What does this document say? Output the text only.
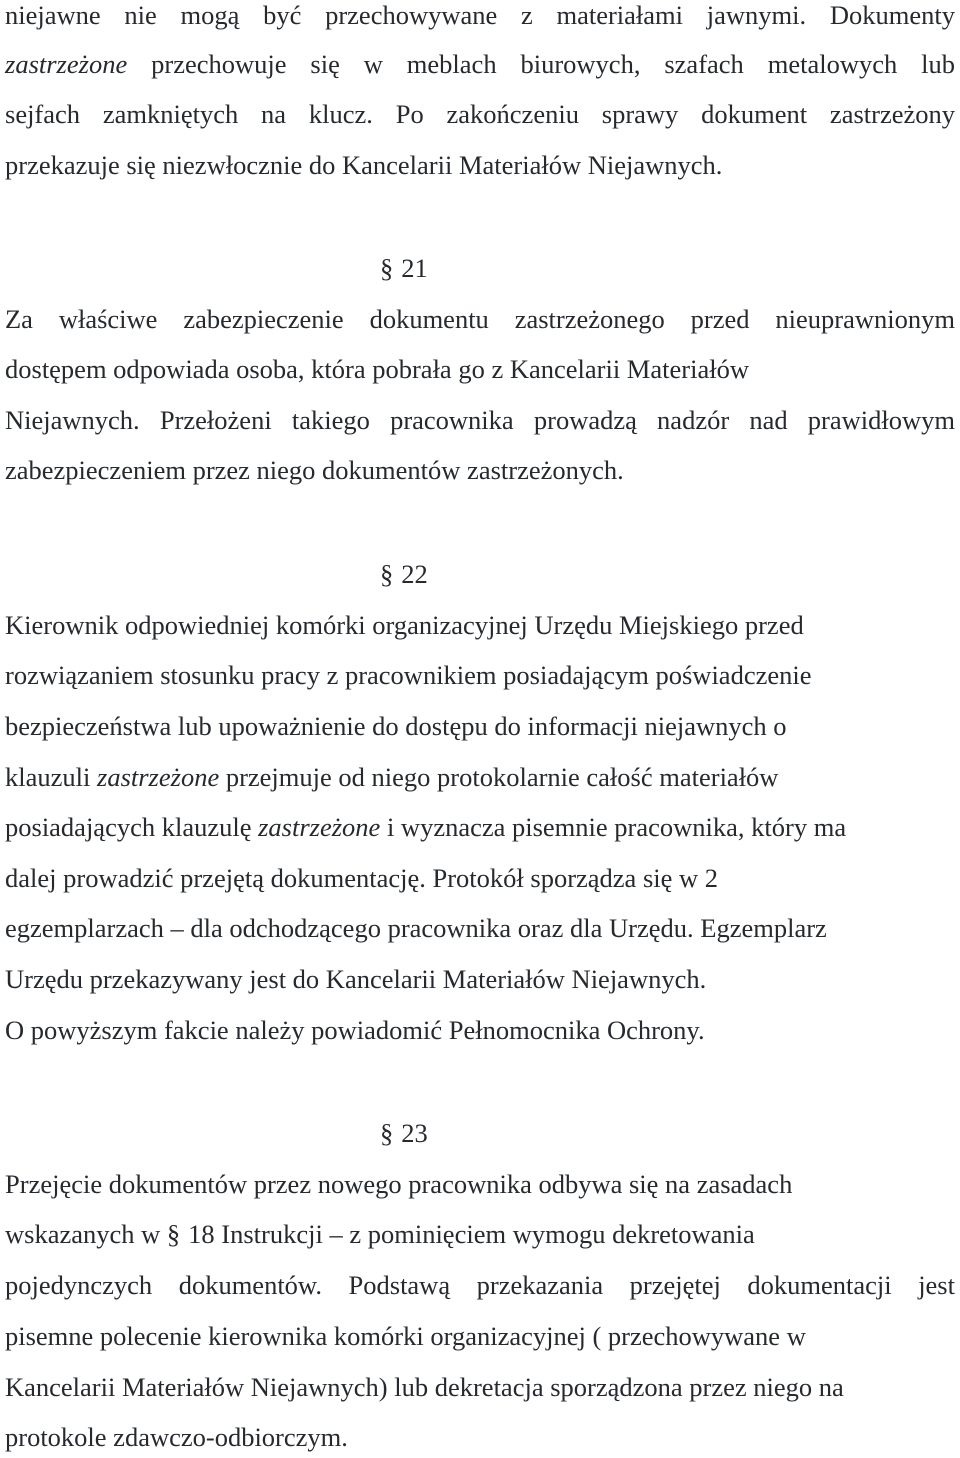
niejawne nie mogą być przechowywane z materiałami jawnymi. Dokumenty
zastrzeżone przechowuje się w meblach biurowych, szafach metalowych lub
sejfach zamkniętych na klucz. Po zakończeniu sprawy dokument zastrzeżony
przekazuje się niezwłocznie do Kancelarii Materiałów Niejawnych.
§ 21
Za właściwe zabezpieczenie dokumentu zastrzeżonego przed nieuprawnionym
dostępem odpowiada osoba, która pobrała go z Kancelarii Materiałów
Niejawnych. Przełożeni takiego pracownika prowadzą nadzór nad prawidłowym
zabezpieczeniem przez niego dokumentów zastrzeżonych.
§ 22
Kierownik odpowiedniej komórki organizacyjnej Urzędu Miejskiego przed
rozwiązaniem stosunku pracy z pracownikiem posiadającym poświadczenie
bezpieczeństwa lub upoważnienie do dostępu do informacji niejawnych o
klauzuli zastrzeżone przejmuje od niego protokolarnie całość materiałów
posiadających klauzulę zastrzeżone i wyznacza pisemnie pracownika, który ma
dalej prowadzić przejętą dokumentację. Protokół sporządza się w 2
egzemplarzach – dla odchodzącego pracownika oraz dla Urzędu. Egzemplarz
Urzędu przekazywany jest do Kancelarii Materiałów Niejawnych.
O powyższym fakcie należy powiadomić Pełnomocnika Ochrony.
§ 23
Przejęcie dokumentów przez nowego pracownika odbywa się na zasadach
wskazanych w § 18 Instrukcji – z pominięciem wymogu dekretowania
pojedynczych dokumentów. Podstawą przekazania przejętej dokumentacji jest
pisemne polecenie kierownika komórki organizacyjnej ( przechowywane w
Kancelarii Materiałów Niejawnych) lub dekretacja sporządzona przez niego na
protokole zdawczo-odbiorczym.
